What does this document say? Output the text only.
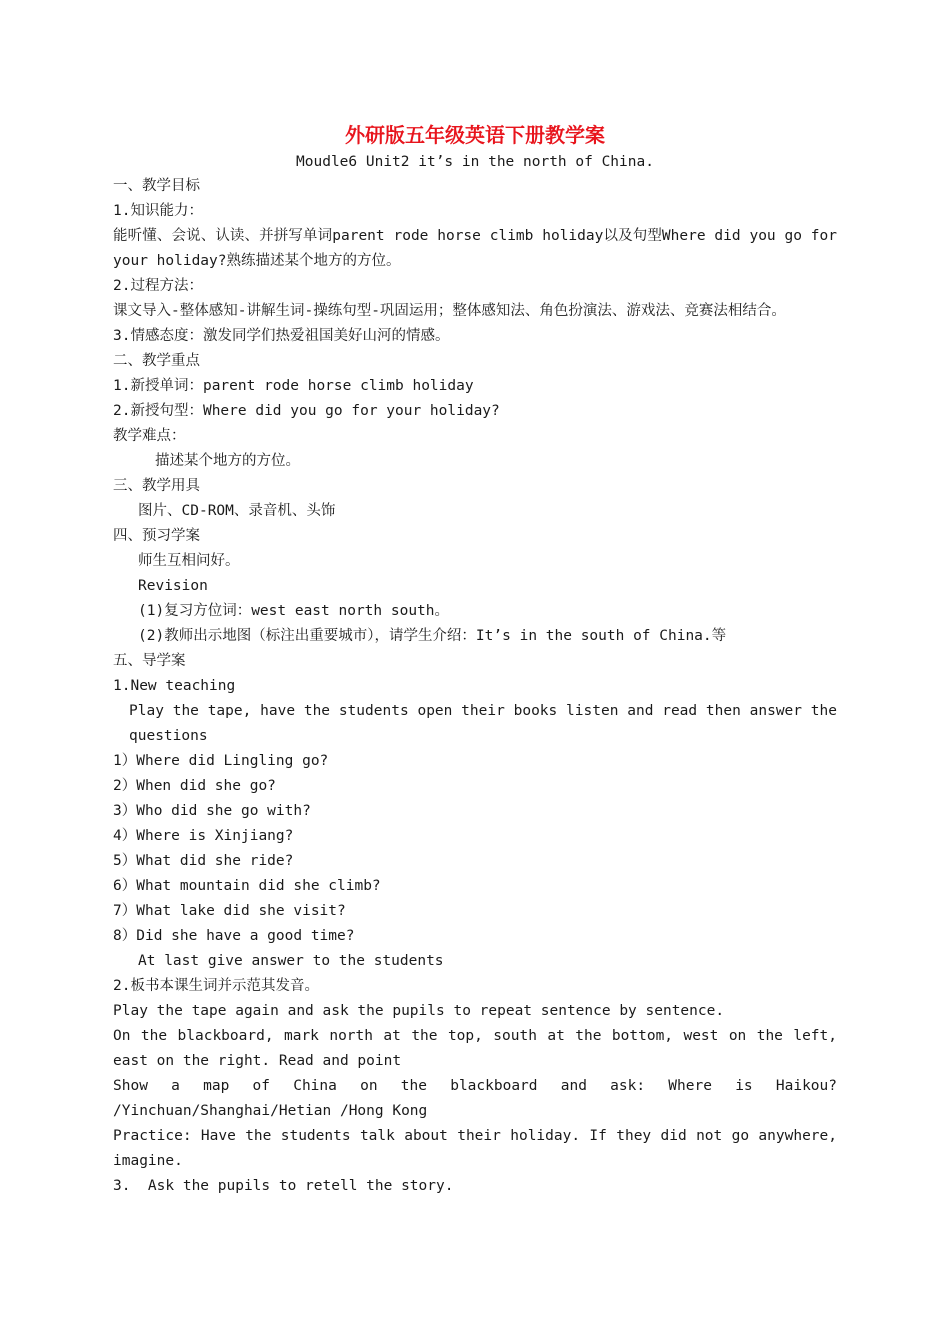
外研版五年级英语下册教学案
Moudle6 Unit2 it’s in the north of China.
一、教学目标
1.知识能力：
能听懂、会说、认读、并拼写单词parent rode horse climb holiday以及句型Where did you go for your holiday?熟练描述某个地方的方位。
2.过程方法：
课文导入-整体感知-讲解生词-操练句型-巩固运用；整体感知法、角色扮演法、游戏法、竞赛法相结合。
3.情感态度：激发同学们热爱祖国美好山河的情感。
二、教学重点
1.新授单词：parent rode horse climb holiday
2.新授句型：Where did you go for your holiday?
教学难点：
描述某个地方的方位。
三、教学用具
图片、CD-ROM、录音机、头饰
四、预习学案
师生互相问好。
Revision
(1)复习方位词：west east north south。
(2)教师出示地图（标注出重要城市），请学生介绍：It’s in the south of China.等
五、导学案
1.New teaching
Play the tape, have the students open their books listen and read then answer the questions
1）Where did Lingling go?
2）When did she go?
3）Who did she go with?
4）Where is Xinjiang?
5）What did she ride?
6）What mountain did she climb?
7）What lake did she visit?
8）Did she have a good time?
At last give answer to the students
2.板书本课生词并示范其发音。
Play the tape again and ask the pupils to repeat sentence by sentence.
On the blackboard, mark north at the top, south at the bottom, west on the left, east on the right. Read and point
Show a map of China on the blackboard and ask: Where is Haikou? /Yinchuan/Shanghai/Hetian /Hong Kong
Practice: Have the students talk about their holiday. If they did not go anywhere, imagine.
3.  Ask the pupils to retell the story.
